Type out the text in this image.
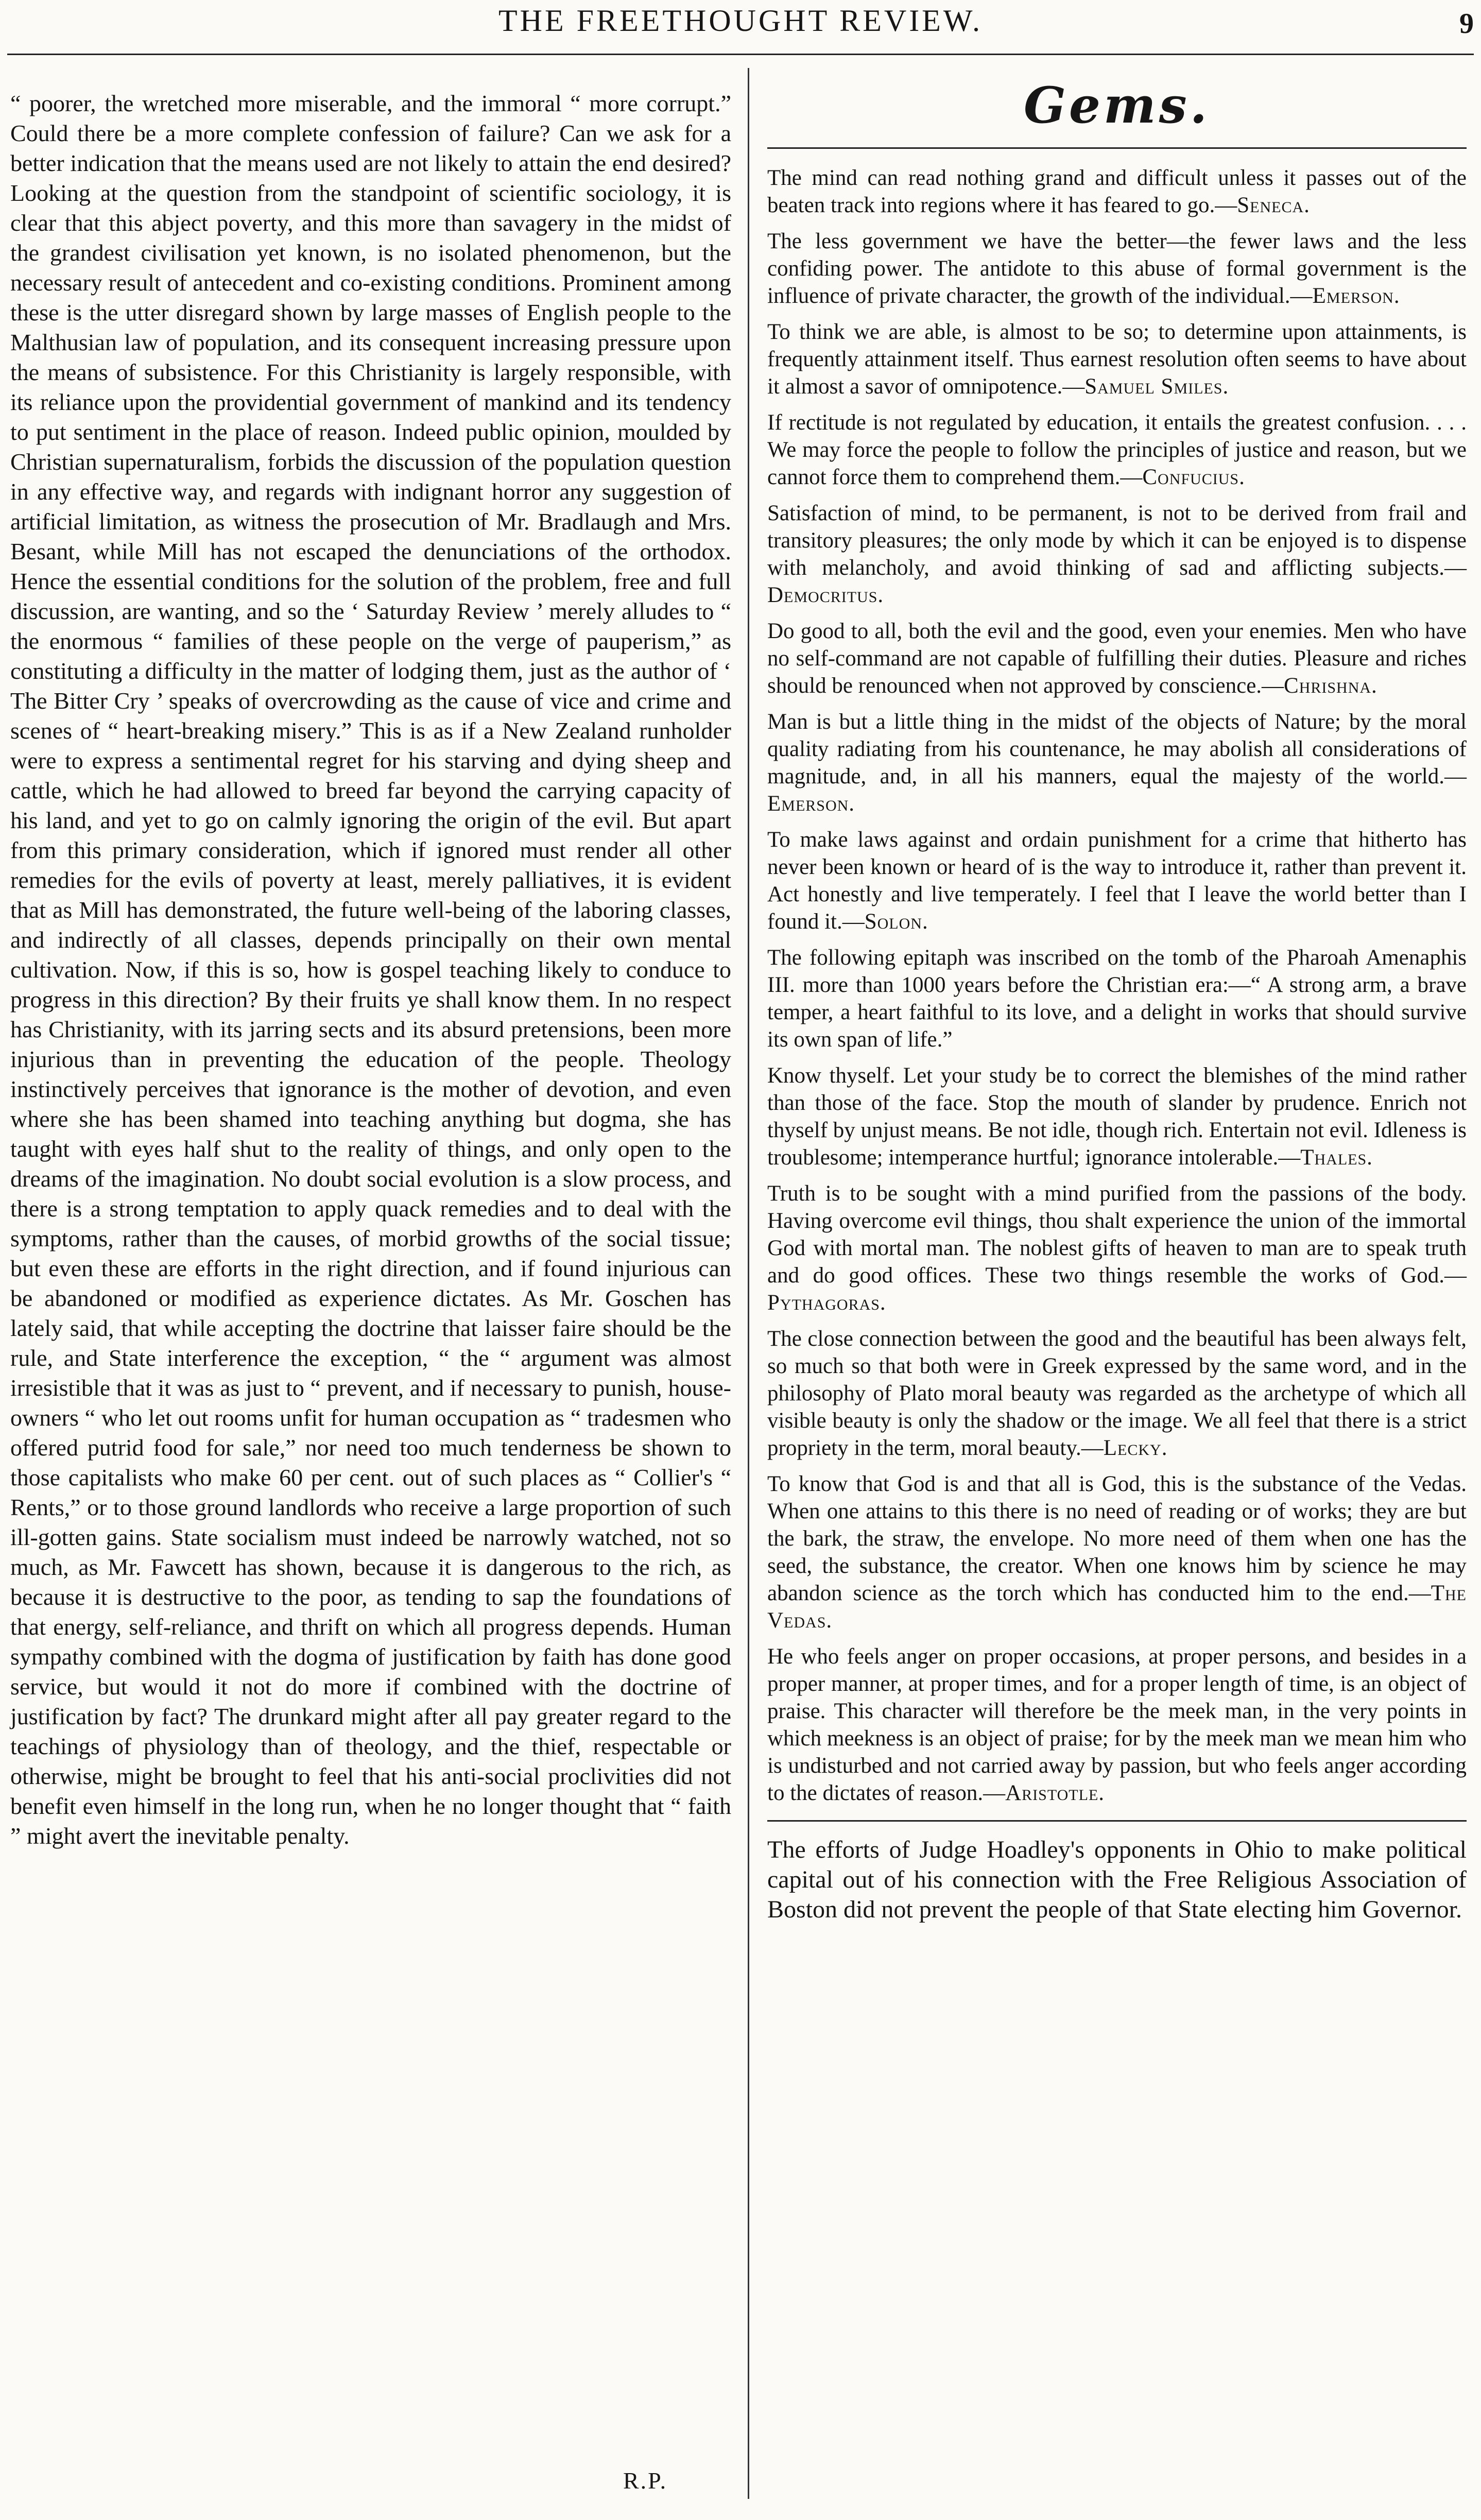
THE FREETHOUGHT REVIEW.	9

“ poorer, the wretched more miserable, and the immoral “ more corrupt.” Could there be a more complete confession of failure? Can we ask for a better indication that the means used are not likely to attain the end desired? Looking at the question from the standpoint of scientific sociology, it is clear that this abject poverty, and this more than savagery in the midst of the grandest civilisation yet known, is no isolated phenomenon, but the necessary result of antecedent and co-existing conditions. Prominent among these is the utter disregard shown by large masses of English people to the Malthusian law of population, and its consequent increasing pressure upon the means of subsistence. For this Christianity is largely responsible, with its reliance upon the providential government of mankind and its tendency to put sentiment in the place of reason. Indeed public opinion, moulded by Christian supernaturalism, forbids the discussion of the population question in any effective way, and regards with indignant horror any suggestion of artificial limitation, as witness the prosecution of Mr. Bradlaugh and Mrs. Besant, while Mill has not escaped the denunciations of the orthodox. Hence the essential conditions for the solution of the problem, free and full discussion, are wanting, and so the ‘ Saturday Review ’ merely alludes to “ the enormous “ families of these people on the verge of pauperism,” as constituting a difficulty in the matter of lodging them, just as the author of ‘ The Bitter Cry ’ speaks of overcrowding as the cause of vice and crime and scenes of “ heart-breaking misery.” This is as if a New Zealand runholder were to express a sentimental regret for his starving and dying sheep and cattle, which he had allowed to breed far beyond the carrying capacity of his land, and yet to go on calmly ignoring the origin of the evil. But apart from this primary consideration, which if ignored must render all other remedies for the evils of poverty at least, merely palliatives, it is evident that as Mill has demonstrated, the future well-being of the laboring classes, and indirectly of all classes, depends principally on their own mental cultivation. Now, if this is so, how is gospel teaching likely to conduce to progress in this direction? By their fruits ye shall know them. In no respect has Christianity, with its jarring sects and its absurd pretensions, been more injurious than in preventing the education of the people. Theology instinctively perceives that ignorance is the mother of devotion, and even where she has been shamed into teaching anything but dogma, she has taught with eyes half shut to the reality of things, and only open to the dreams of the imagination. No doubt social evolution is a slow process, and there is a strong temptation to apply quack remedies and to deal with the symptoms, rather than the causes, of morbid growths of the social tissue; but even these are efforts in the right direction, and if found injurious can be abandoned or modified as experience dictates. As Mr. Goschen has lately said, that while accepting the doctrine that laisser faire should be the rule, and State interference the exception, “ the “ argument was almost irresistible that it was as just to “ prevent, and if necessary to punish, house-owners “ who let out rooms unfit for human occupation as “ tradesmen who offered putrid food for sale,” nor need too much tenderness be shown to those capitalists who make 60 per cent. out of such places as “ Collier's “ Rents,” or to those ground landlords who receive a large proportion of such ill-gotten gains. State socialism must indeed be narrowly watched, not so much, as Mr. Fawcett has shown, because it is dangerous to the rich, as because it is destructive to the poor, as tending to sap the foundations of that energy, self-reliance, and thrift on which all progress depends. Human sympathy combined with the dogma of justification by faith has done good service, but would it not do more if combined with the doctrine of justification by fact? The drunkard might after all pay greater regard to the teachings of physiology than of theology, and the thief, respectable or otherwise, might be brought to feel that his anti-social proclivities did not benefit even himself in the long run, when he no longer thought that “ faith ” might avert the inevitable penalty.

R.P.
Gems.
The mind can read nothing grand and difficult unless it passes out of the beaten track into regions where it has feared to go.—Seneca.
The less government we have the better—the fewer laws and the less confiding power. The antidote to this abuse of formal government is the influence of private character, the growth of the individual.—Emerson.
To think we are able, is almost to be so; to determine upon attainments, is frequently attainment itself. Thus earnest resolution often seems to have about it almost a savor of omnipotence.—Samuel Smiles.
If rectitude is not regulated by education, it entails the greatest confusion. . . . We may force the people to follow the principles of justice and reason, but we cannot force them to comprehend them.—Confucius.
Satisfaction of mind, to be permanent, is not to be derived from frail and transitory pleasures; the only mode by which it can be enjoyed is to dispense with melancholy, and avoid thinking of sad and afflicting subjects.—Democritus.
Do good to all, both the evil and the good, even your enemies. Men who have no self-command are not capable of fulfilling their duties. Pleasure and riches should be renounced when not approved by conscience.—Chrishna.
Man is but a little thing in the midst of the objects of Nature; by the moral quality radiating from his countenance, he may abolish all considerations of magnitude, and, in all his manners, equal the majesty of the world.—Emerson.
To make laws against and ordain punishment for a crime that hitherto has never been known or heard of is the way to introduce it, rather than prevent it. Act honestly and live temperately. I feel that I leave the world better than I found it.—Solon.
The following epitaph was inscribed on the tomb of the Pharoah Amenaphis III. more than 1000 years before the Christian era:—“ A strong arm, a brave temper, a heart faithful to its love, and a delight in works that should survive its own span of life.”
Know thyself. Let your study be to correct the blemishes of the mind rather than those of the face. Stop the mouth of slander by prudence. Enrich not thyself by unjust means. Be not idle, though rich. Entertain not evil. Idleness is troublesome; intemperance hurtful; ignorance intolerable.—Thales.
Truth is to be sought with a mind purified from the passions of the body. Having overcome evil things, thou shalt experience the union of the immortal God with mortal man. The noblest gifts of heaven to man are to speak truth and do good offices. These two things resemble the works of God.—Pythagoras.
The close connection between the good and the beautiful has been always felt, so much so that both were in Greek expressed by the same word, and in the philosophy of Plato moral beauty was regarded as the archetype of which all visible beauty is only the shadow or the image. We all feel that there is a strict propriety in the term, moral beauty.—Lecky.
To know that God is and that all is God, this is the substance of the Vedas. When one attains to this there is no need of reading or of works; they are but the bark, the straw, the envelope. No more need of them when one has the seed, the substance, the creator. When one knows him by science he may abandon science as the torch which has conducted him to the end.—The Vedas.
He who feels anger on proper occasions, at proper persons, and besides in a proper manner, at proper times, and for a proper length of time, is an object of praise. This character will therefore be the meek man, in the very points in which meekness is an object of praise; for by the meek man we mean him who is undisturbed and not carried away by passion, but who feels anger according to the dictates of reason.—Aristotle.

The efforts of Judge Hoadley's opponents in Ohio to make political capital out of his connection with the Free Religious Association of Boston did not prevent the people of that State electing him Governor.
